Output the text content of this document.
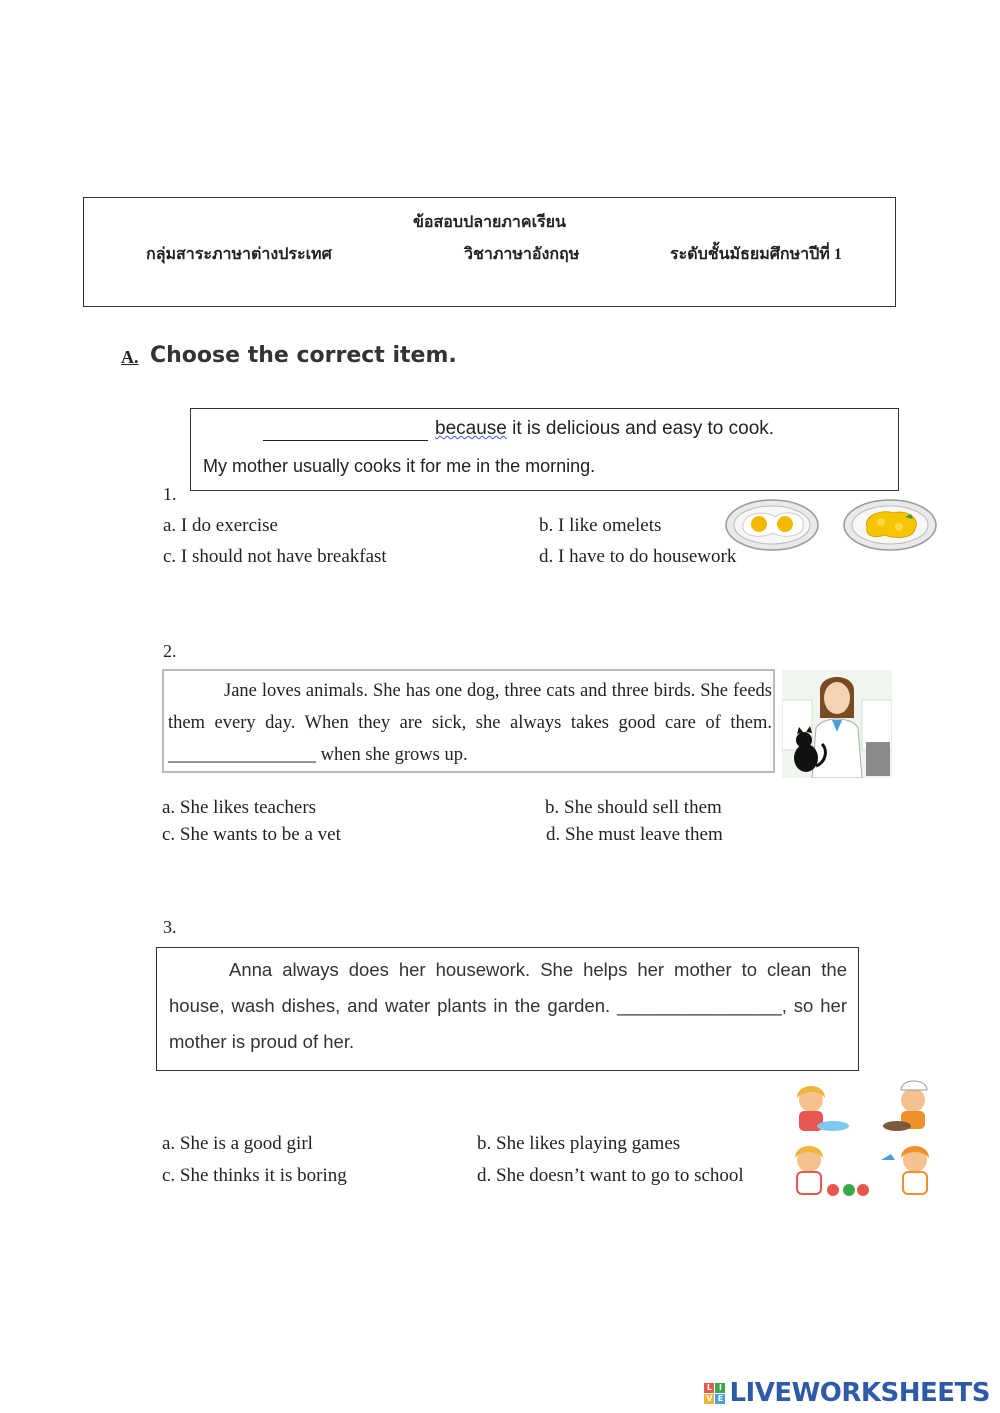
ข้อสอบปลายภาคเรียน
กลุ่มสาระภาษาต่างประเทศ	วิชาภาษาอังกฤษ	ระดับชั้นมัธยมศึกษาปีที่ 1
A. Choose the correct item.
because it is delicious and easy to cook.
My mother usually cooks it for me in the morning.
1.
a. I do exercise	b. I like omelets
c. I should not have breakfast	d. I have to do housework
2.
Jane loves animals. She has one dog, three cats and three birds. She feeds them every day. When they are sick, she always takes good care of them. ________________ when she grows up.
a. She likes teachers	b. She should sell them
c. She wants to be a vet	d. She must leave them
3.
Anna always does her housework. She helps her mother to clean the house, wash dishes, and water plants in the garden. ________________, so her mother is proud of her.
a. She is a good girl	b. She likes playing games
c. She thinks it is boring	d. She doesn’t want to go to school
L I
V E LIVEWORKSHEETS
